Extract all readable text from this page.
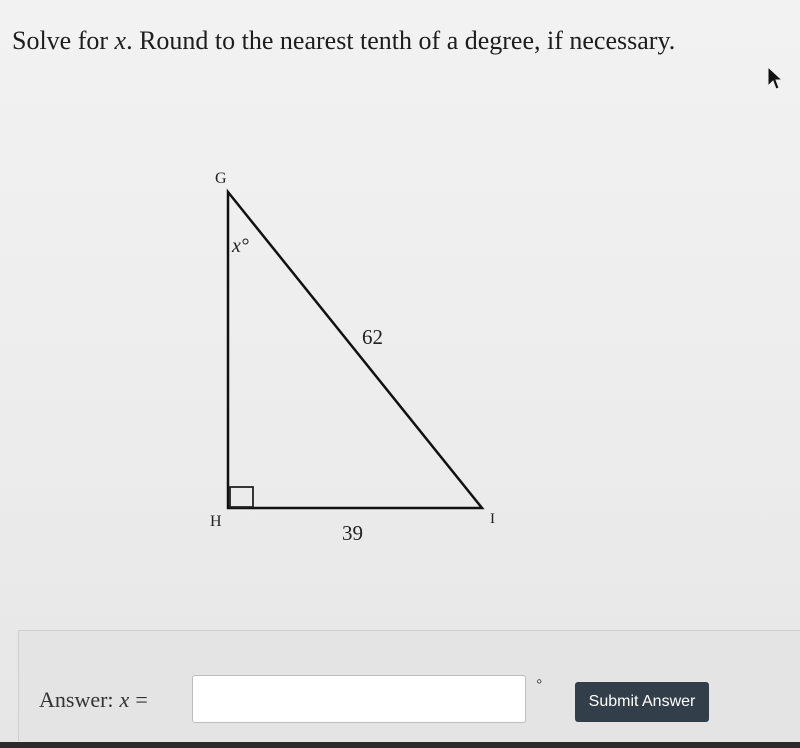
Solve for x. Round to the nearest tenth of a degree, if necessary.
G
H	I
x°
62
39
Answer: x =
°
Submit Answer
